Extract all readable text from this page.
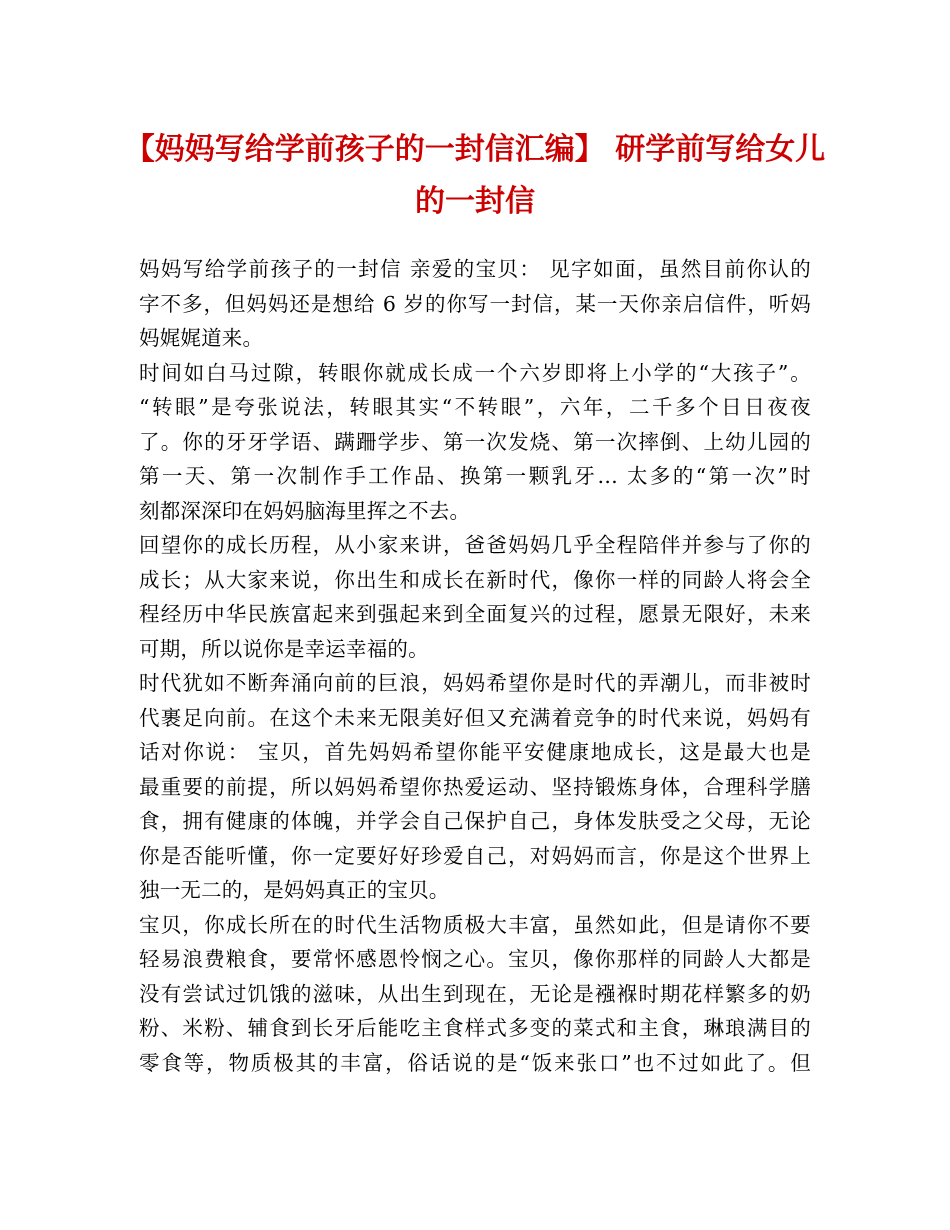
【妈妈写给学前孩子的一封信汇编】 研学前写给女儿
的一封信
妈妈写给学前孩子的一封信 亲爱的宝贝： 见字如面，虽然目前你认的
字不多，但妈妈还是想给 6 岁的你写一封信，某一天你亲启信件，听妈
妈娓娓道来。
时间如白马过隙，转眼你就成长成一个六岁即将上小学的“大孩子”。
“转眼”是夸张说法，转眼其实“不转眼”，六年，二千多个日日夜夜
了。你的牙牙学语、蹒跚学步、第一次发烧、第一次摔倒、上幼儿园的
第一天、第一次制作手工作品、换第一颗乳牙… 太多的“第一次”时
刻都深深印在妈妈脑海里挥之不去。
回望你的成长历程，从小家来讲，爸爸妈妈几乎全程陪伴并参与了你的
成长；从大家来说，你出生和成长在新时代，像你一样的同龄人将会全
程经历中华民族富起来到强起来到全面复兴的过程，愿景无限好，未来
可期，所以说你是幸运幸福的。
时代犹如不断奔涌向前的巨浪，妈妈希望你是时代的弄潮儿，而非被时
代裹足向前。在这个未来无限美好但又充满着竞争的时代来说，妈妈有
话对你说： 宝贝，首先妈妈希望你能平安健康地成长，这是最大也是
最重要的前提，所以妈妈希望你热爱运动、坚持锻炼身体，合理科学膳
食，拥有健康的体魄，并学会自己保护自己，身体发肤受之父母，无论
你是否能听懂，你一定要好好珍爱自己，对妈妈而言，你是这个世界上
独一无二的，是妈妈真正的宝贝。
宝贝，你成长所在的时代生活物质极大丰富，虽然如此，但是请你不要
轻易浪费粮食，要常怀感恩怜悯之心。宝贝，像你那样的同龄人大都是
没有尝试过饥饿的滋味，从出生到现在，无论是襁褓时期花样繁多的奶
粉、米粉、辅食到长牙后能吃主食样式多变的菜式和主食，琳琅满目的
零食等，物质极其的丰富，俗话说的是“饭来张口”也不过如此了。但
